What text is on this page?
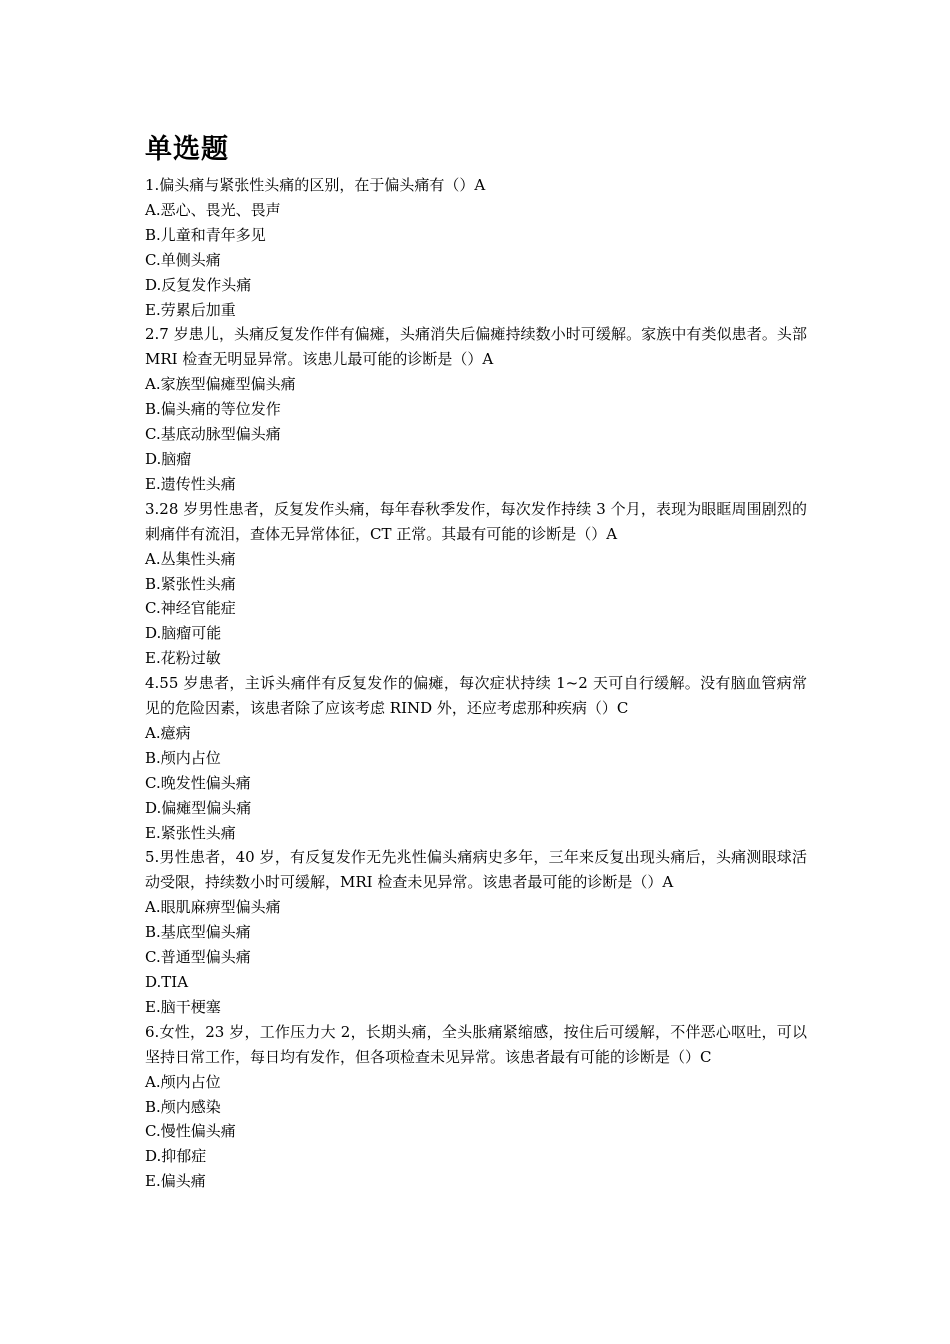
单选题

1.偏头痛与紧张性头痛的区别，在于偏头痛有（）A

A.恶心、畏光、畏声

B.儿童和青年多见

C.单侧头痛

D.反复发作头痛

E.劳累后加重

2.7 岁患儿，头痛反复发作伴有偏瘫，头痛消失后偏瘫持续数小时可缓解。家族中有类似患者。头部 MRI 检查无明显异常。该患儿最可能的诊断是（）A

A.家族型偏瘫型偏头痛

B.偏头痛的等位发作

C.基底动脉型偏头痛

D.脑瘤

E.遗传性头痛

3.28 岁男性患者，反复发作头痛，每年春秋季发作，每次发作持续 3 个月，表现为眼眶周围剧烈的刺痛伴有流泪，查体无异常体征，CT 正常。其最有可能的诊断是（）A

A.丛集性头痛

B.紧张性头痛

C.神经官能症

D.脑瘤可能

E.花粉过敏

4.55 岁患者，主诉头痛伴有反复发作的偏瘫，每次症状持续 1~2 天可自行缓解。没有脑血管病常见的危险因素，该患者除了应该考虑 RIND 外，还应考虑那种疾病（）C

A.癔病

B.颅内占位

C.晚发性偏头痛

D.偏瘫型偏头痛

E.紧张性头痛

5.男性患者，40 岁，有反复发作无先兆性偏头痛病史多年，三年来反复出现头痛后，头痛测眼球活动受限，持续数小时可缓解，MRI 检查未见异常。该患者最可能的诊断是（）A

A.眼肌麻痹型偏头痛

B.基底型偏头痛

C.普通型偏头痛

D.TIA

E.脑干梗塞

6.女性，23 岁，工作压力大 2，长期头痛，全头胀痛紧缩感，按住后可缓解，不伴恶心呕吐，可以坚持日常工作，每日均有发作，但各项检查未见异常。该患者最有可能的诊断是（）C

A.颅内占位

B.颅内感染

C.慢性偏头痛

D.抑郁症

E.偏头痛
